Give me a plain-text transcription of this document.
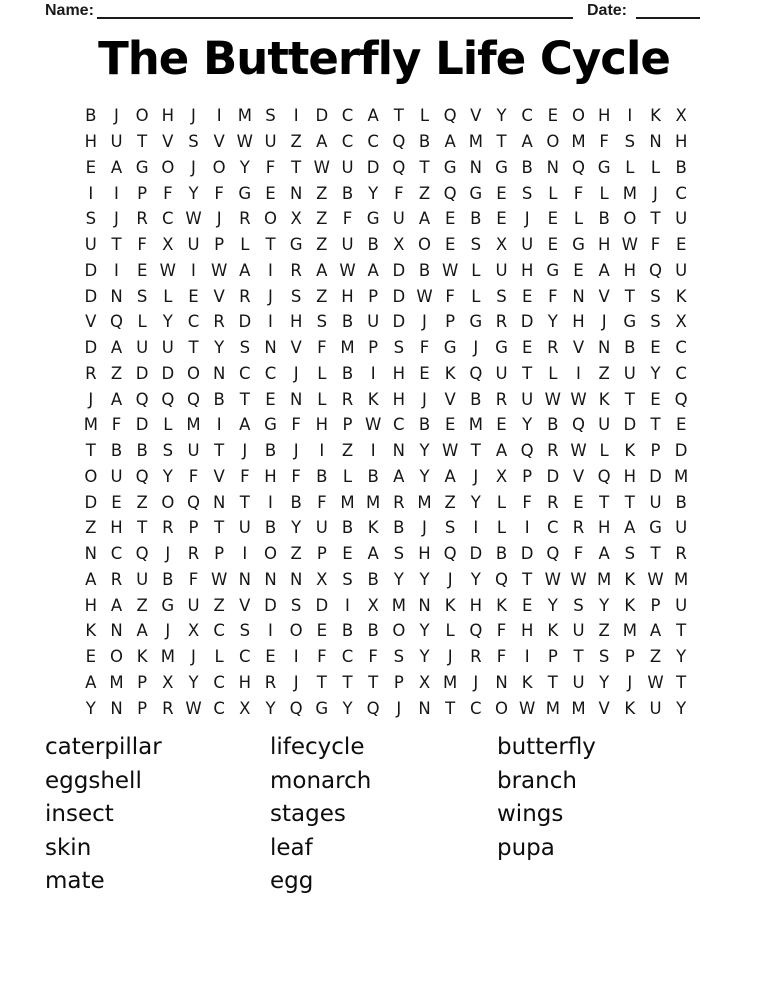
Name:	Date:
The Butterfly Life Cycle
B	J	O H	J	I M S	I	D C A T L Q V Y C E O H	I	K X
H U T V S V W U Z A C C Q B A M T A O M F S N H
E A G O	J	O Y F T W U D Q T G N G B N Q G L L B
I	I	P F Y F G E N Z B Y F Z Q G E S L F L M J	C
S	J	R C W J	R O X Z F G U A E B E	J	E L B O T U
U T F X U P L T G Z U B X O E S X U E G H W F E
D	I	E W I W A	I	R A W A D B W L U H G E A H Q U
D N S L E V R	J	S Z H P D W F L S E F N V T S K
V Q L Y C R D	I	H S B U D	J	P G R D Y H	J	G S X
D A U U T Y S N V F M P S F G	J	G E R V N B E C
R Z D D O N C C	J	L B	I	H E K Q U T L	I	Z U Y C
J	A Q Q Q B T E N L R K H	J	V B R U W W K T E Q
M F D L M I	A G F H P W C B E M E Y B Q U D T E
T B B S U T	J	B	J	I	Z	I	N Y W T A Q R W L K P D
O U Q Y F V F H F B L B A Y A	J	X P D V Q H D M
D E Z O Q N T	I	B F M M R M Z Y L F R E T T U B
Z H T R P T U B Y U B K B	J	S	I	L	I	C R H A G U
N C Q	J	R P	I	O Z P E A S H Q D B D Q F A S T R
A R U B F W N N N X S B Y Y	J	Y Q T W W M K W M
H A Z G U Z V D S D	I	X M N K H K E Y S Y K P U
K N A	J	X C S	I	O E B B O Y L Q F H K U Z M A T
E O K M J	L C E	I	F C F S Y	J	R F	I	P T S P Z Y
A M P X Y C H R	J	T T T P X M J	N K T U Y	J W T
Y N P R W C X Y Q G Y Q	J	N T C O W M M V K U Y
caterpillar
eggshell
insect
skin
mate
lifecycle
monarch
stages
leaf
egg
butterfly
branch
wings
pupa
